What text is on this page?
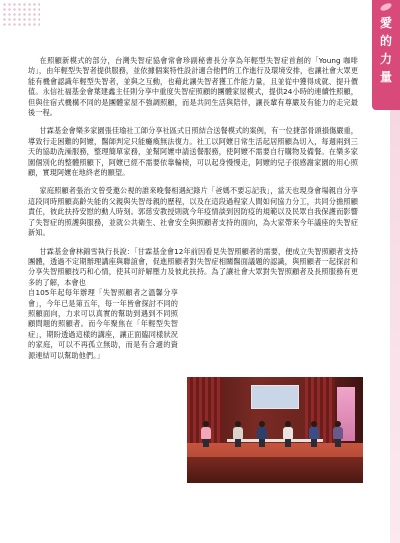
愛
的
力
量

在照顧新模式的部分，台灣失智症協會常會珍副秘書長分享為年輕型失智症首創的「Young 咖啡坊」，由年輕型失智者提供服務，並依據個案特性設計適合他們的工作進行及環境安排，也讓社會大眾更能有機會認識年輕型失智者，並與之互動，也藉此讓失智者獲工作能力量，且並從中獲得成就、提升價值。永信社福基金會葉建鑫主任則分享中重度失智症照顧的團體家屋模式，提供24小時的連續性照顧，但與住宿式機構不同的是團體家屋不強調照顧，而是共同生活與陪伴，讓長輩有尊嚴及有能力的走完最後一程。

甘霖基金會樂多家園張佳瑜社工師分享社區式日照結合送餐模式的案例，有一位捷部骨頭損傷嚴重，導致行走困難的阿嬤，醫師判定只能癱瘓無法復力。社工以阿嬤日常生活起居照顧為切入，每週兩到三天的協助洗澡服務，整理簡單家務，並幫阿嬤申請送餐服務，使阿嬤不需要自行購物及備餐。在樂多家園個別化的整體照顧下，阿嬤已經不需要依靠輪椅，可以起身慢慢走，阿嬤的兒子很感謝家園的用心照顧，實現阿嬤在地終老的願望。

家庭照顧者張治文曾受邀公視的誰來晚餐相遇紀錄片「爸媽不要忘記我」，當天也現身會場親自分享這段同時照顧高齡失能的父親與失智母親的歷程，以及在這段過程家人間如何協力分工，共同分擔照顧責任，彼此扶持安慰的動人時刻。郭慈安教授則就今年疫情談到因防疫的規範以及民眾自我保護而影響了失智症的照護與服務，並就公共衛生、社會安全與照顧者支持的面向，為大家帶來今年議座的失智症新知。

甘霖基金會林錦雪執行長說：「甘霖基金會12年前因看見失智照顧者的需要，便成立失智照顧者支持團體，透過不定期辦理講座與聯誼會，促進照顧者對失智症相關醫面議題的認識，與照顧者一起探討和分享失智照顧技巧和心情，使其可紓解壓力及彼此扶持。為了讓社會大眾對失智照顧者及長照服務有更多的了解，本會也

自105年起每年辦理「失智照顧者之溫馨分享會」，今年已是第五年，每一年皆會探討不同的照顧面向，力求可以真實的幫助到遇到不同照顧問題的照顧者。而今年聚焦在「年輕型失智症」，期盼透過這樣的講座，讓正面臨同樣狀況的家庭，可以不再孤立無助，而是有合適的資源連結可以幫助他們。」
